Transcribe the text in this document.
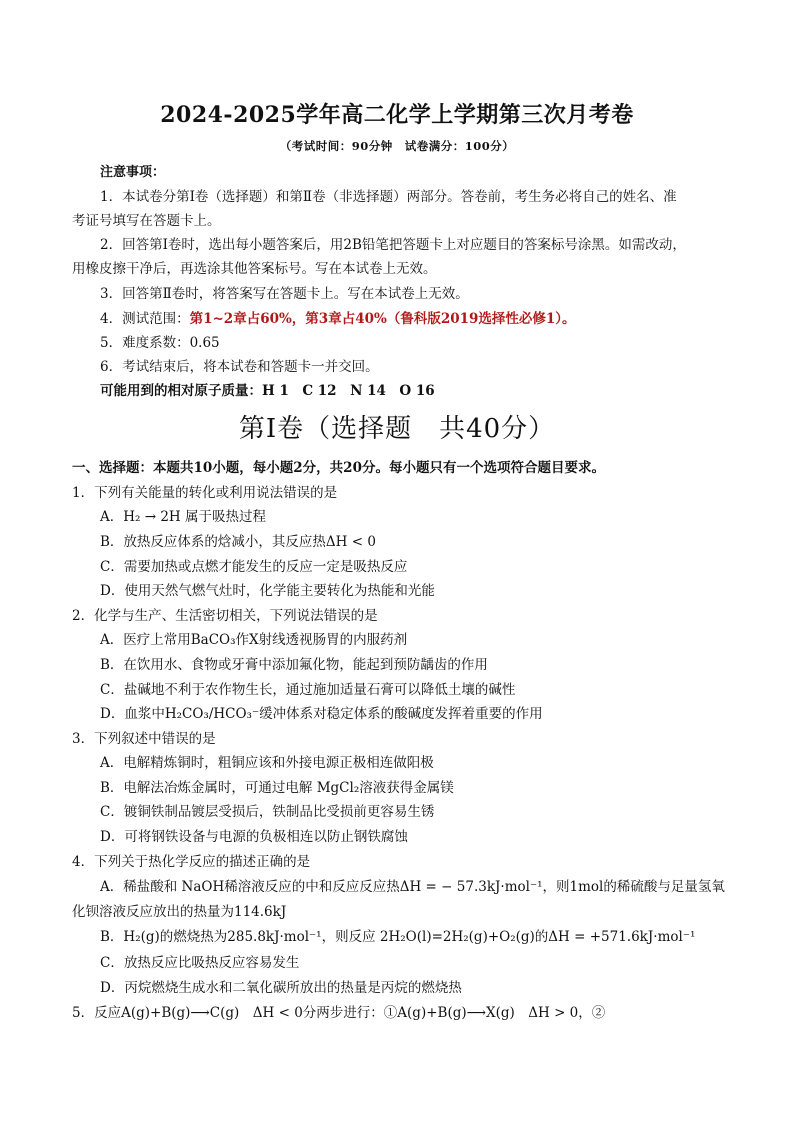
2024-2025学年高二化学上学期第三次月考卷
（考试时间：90分钟　试卷满分：100分）
注意事项：
1．本试卷分第Ⅰ卷（选择题）和第Ⅱ卷（非选择题）两部分。答卷前，考生务必将自己的姓名、准
考证号填写在答题卡上。
2．回答第Ⅰ卷时，选出每小题答案后，用2B铅笔把答题卡上对应题目的答案标号涂黑。如需改动，
用橡皮擦干净后，再选涂其他答案标号。写在本试卷上无效。
3．回答第Ⅱ卷时，将答案写在答题卡上。写在本试卷上无效。
4．测试范围：第1~2章占60%，第3章占40%（鲁科版2019选择性必修1）。
5．难度系数：0.65
6．考试结束后，将本试卷和答题卡一并交回。
可能用到的相对原子质量：H 1　C 12　N 14　O 16
第Ⅰ卷（选择题　共40分）
一、选择题：本题共10小题，每小题2分，共20分。每小题只有一个选项符合题目要求。
1．下列有关能量的转化或利用说法错误的是
A．H₂ → 2H 属于吸热过程
B．放热反应体系的焓减小，其反应热ΔH < 0
C．需要加热或点燃才能发生的反应一定是吸热反应
D．使用天然气燃气灶时，化学能主要转化为热能和光能
2．化学与生产、生活密切相关，下列说法错误的是
A．医疗上常用BaCO₃作X射线透视肠胃的内服药剂
B．在饮用水、食物或牙膏中添加氟化物，能起到预防龋齿的作用
C．盐碱地不利于农作物生长，通过施加适量石膏可以降低土壤的碱性
D．血浆中H₂CO₃/HCO₃⁻缓冲体系对稳定体系的酸碱度发挥着重要的作用
3．下列叙述中错误的是
A．电解精炼铜时，粗铜应该和外接电源正极相连做阳极
B．电解法冶炼金属时，可通过电解 MgCl₂溶液获得金属镁
C．镀铜铁制品镀层受损后，铁制品比受损前更容易生锈
D．可将钢铁设备与电源的负极相连以防止钢铁腐蚀
4．下列关于热化学反应的描述正确的是
A．稀盐酸和 NaOH稀溶液反应的中和反应反应热ΔH = − 57.3kJ·mol⁻¹，则1mol的稀硫酸与足量氢氧
化钡溶液反应放出的热量为114.6kJ
B．H₂(g)的燃烧热为285.8kJ·mol⁻¹，则反应 2H₂O(l)=2H₂(g)+O₂(g)的ΔH = +571.6kJ·mol⁻¹
C．放热反应比吸热反应容易发生
D．丙烷燃烧生成水和二氧化碳所放出的热量是丙烷的燃烧热
5．反应A(g)+B(g)⟶C(g)　ΔH < 0分两步进行：①A(g)+B(g)⟶X(g)　ΔH > 0，②
